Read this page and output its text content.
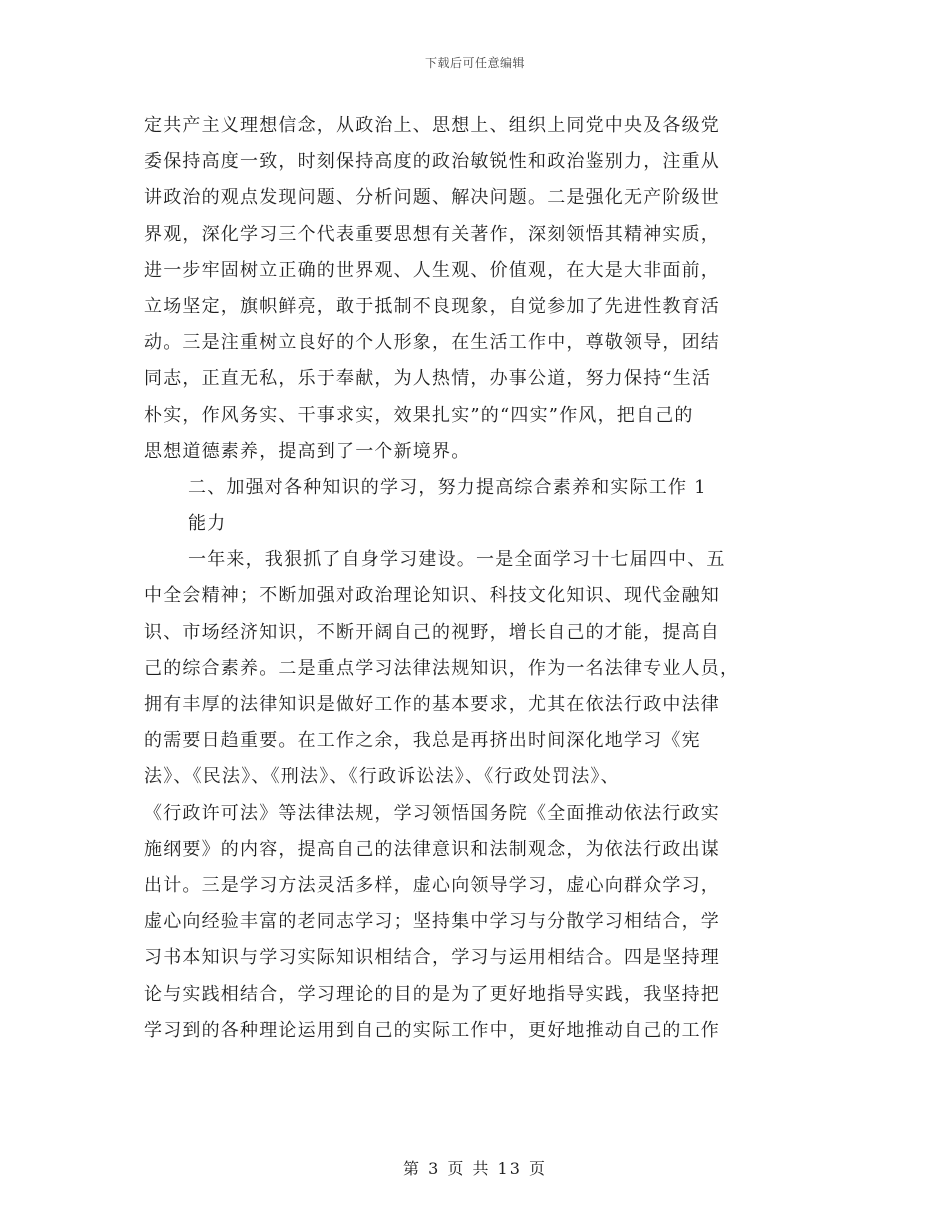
下载后可任意编辑
定共产主义理想信念，从政治上、思想上、组织上同党中央及各级党
委保持高度一致，时刻保持高度的政治敏锐性和政治鉴别力，注重从
讲政治的观点发现问题、分析问题、解决问题。二是强化无产阶级世
界观，深化学习三个代表重要思想有关著作，深刻领悟其精神实质，
进一步牢固树立正确的世界观、人生观、价值观，在大是大非面前，
立场坚定，旗帜鲜亮，敢于抵制不良现象，自觉参加了先进性教育活
动。三是注重树立良好的个人形象，在生活工作中，尊敬领导，团结
同志，正直无私，乐于奉献，为人热情，办事公道，努力保持“生活
朴实，作风务实、干事求实，效果扎实”的“四实”作风，把自己的
思想道德素养，提高到了一个新境界。
二、加强对各种知识的学习，努力提高综合素养和实际工作 1
能力
一年来，我狠抓了自身学习建设。一是全面学习十七届四中、五
中全会精神；不断加强对政治理论知识、科技文化知识、现代金融知
识、市场经济知识，不断开阔自己的视野，增长自己的才能，提高自
己的综合素养。二是重点学习法律法规知识，作为一名法律专业人员，
拥有丰厚的法律知识是做好工作的基本要求，尤其在依法行政中法律
的需要日趋重要。在工作之余，我总是再挤出时间深化地学习《宪
法》、《民法》、《刑法》、《行政诉讼法》、《行政处罚法》、
《行政许可法》等法律法规，学习领悟国务院《全面推动依法行政实
施纲要》的内容，提高自己的法律意识和法制观念，为依法行政出谋
出计。三是学习方法灵活多样，虚心向领导学习，虚心向群众学习，
虚心向经验丰富的老同志学习；坚持集中学习与分散学习相结合，学
习书本知识与学习实际知识相结合，学习与运用相结合。四是坚持理
论与实践相结合，学习理论的目的是为了更好地指导实践，我坚持把
学习到的各种理论运用到自己的实际工作中，更好地推动自己的工作
第 3 页 共 13 页
